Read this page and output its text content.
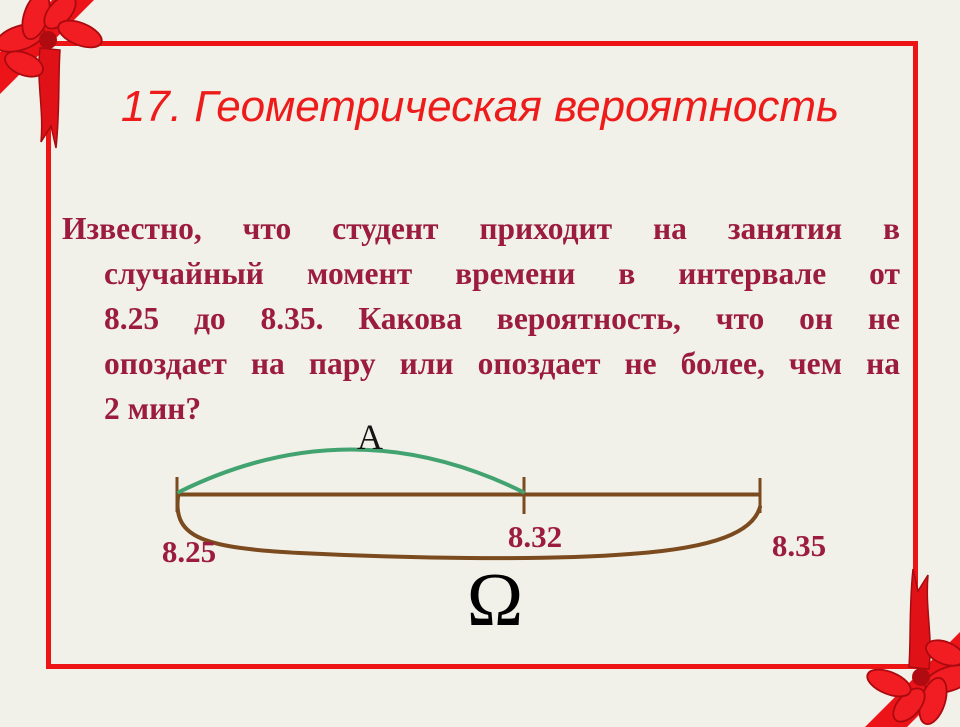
17. Геометрическая вероятность
Известно, что студент приходит на занятия в
случайный момент времени в интервале от
8.25 до 8.35. Какова вероятность, что он не
опоздает на пару или опоздает не более, чем на
2 мин?
A
8.25	8.32	8.35
Ω
